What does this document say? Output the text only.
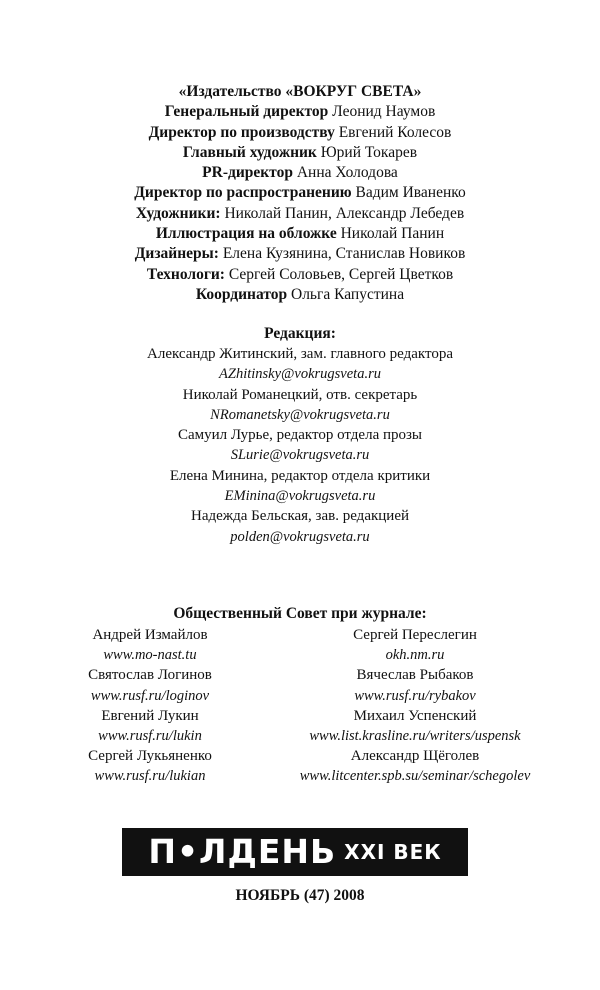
«Издательство «ВОКРУГ СВЕТА»
Генеральный директор Леонид Наумов
Директор по производству Евгений Колесов
Главный художник Юрий Токарев
PR-директор Анна Холодова
Директор по распространению Вадим Иваненко
Художники: Николай Панин, Александр Лебедев
Иллюстрация на обложке Николай Панин
Дизайнеры: Елена Кузянина, Станислав Новиков
Технологи: Сергей Соловьев, Сергей Цветков
Координатор Ольга Капустина
Редакция:
Александр Житинский, зам. главного редактора
AZhitinsky@vokrugsveta.ru
Николай Романецкий, отв. секретарь
NRomanetsky@vokrugsveta.ru
Самуил Лурье, редактор отдела прозы
SLurie@vokrugsveta.ru
Елена Минина, редактор отдела критики
EMinina@vokrugsveta.ru
Надежда Бельская, зав. редакцией
polden@vokrugsveta.ru
Общественный Совет при журнале:
Андрей Измайлов
www.mo-nast.tu
Святослав Логинов
www.rusf.ru/loginov
Евгений Лукин
www.rusf.ru/lukin
Сергей Лукьяненко
www.rusf.ru/lukian
Сергей Переслегин
okh.nm.ru
Вячеслав Рыбаков
www.rusf.ru/rybakov
Михаил Успенский
www.list.krasline.ru/writers/uspensk
Александр Щёголев
www.litcenter.spb.su/seminar/schegolev
П•ЛДЕНЬ XXI ВЕК
НОЯБРЬ (47) 2008
